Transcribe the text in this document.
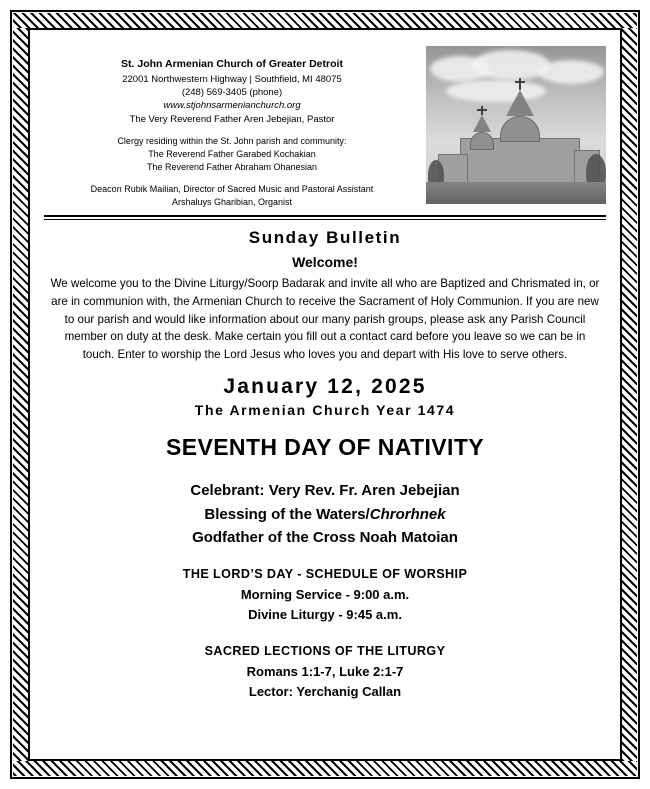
St. John Armenian Church of Greater Detroit
22001 Northwestern Highway | Southfield, MI 48075
(248) 569-3405 (phone)
www.stjohnsarmenianchurch.org
The Very Reverend Father Aren Jebejian, Pastor
Clergy residing within the St. John parish and community:
The Reverend Father Garabed Kochakian
The Reverend Father Abraham Ohanesian
Deacon Rubik Mailian, Director of Sacred Music and Pastoral Assistant
Arshaluys Gharibian, Organist
Sunday Bulletin
Welcome!
We welcome you to the Divine Liturgy/Soorp Badarak and invite all who are Baptized and Chrismated in, or are in communion with, the Armenian Church to receive the Sacrament of Holy Communion. If you are new to our parish and would like information about our many parish groups, please ask any Parish Council member on duty at the desk. Make certain you fill out a contact card before you leave so we can be in touch. Enter to worship the Lord Jesus who loves you and depart with His love to serve others.
January 12, 2025
The Armenian Church Year 1474
SEVENTH DAY OF NATIVITY
Celebrant: Very Rev. Fr. Aren Jebejian
Blessing of the Waters/Chrorhnek
Godfather of the Cross Noah Matoian
THE LORD’S DAY - SCHEDULE OF WORSHIP
Morning Service - 9:00 a.m.
Divine Liturgy - 9:45 a.m.
SACRED LECTIONS OF THE LITURGY
Romans 1:1-7, Luke 2:1-7
Lector: Yerchanig Callan
